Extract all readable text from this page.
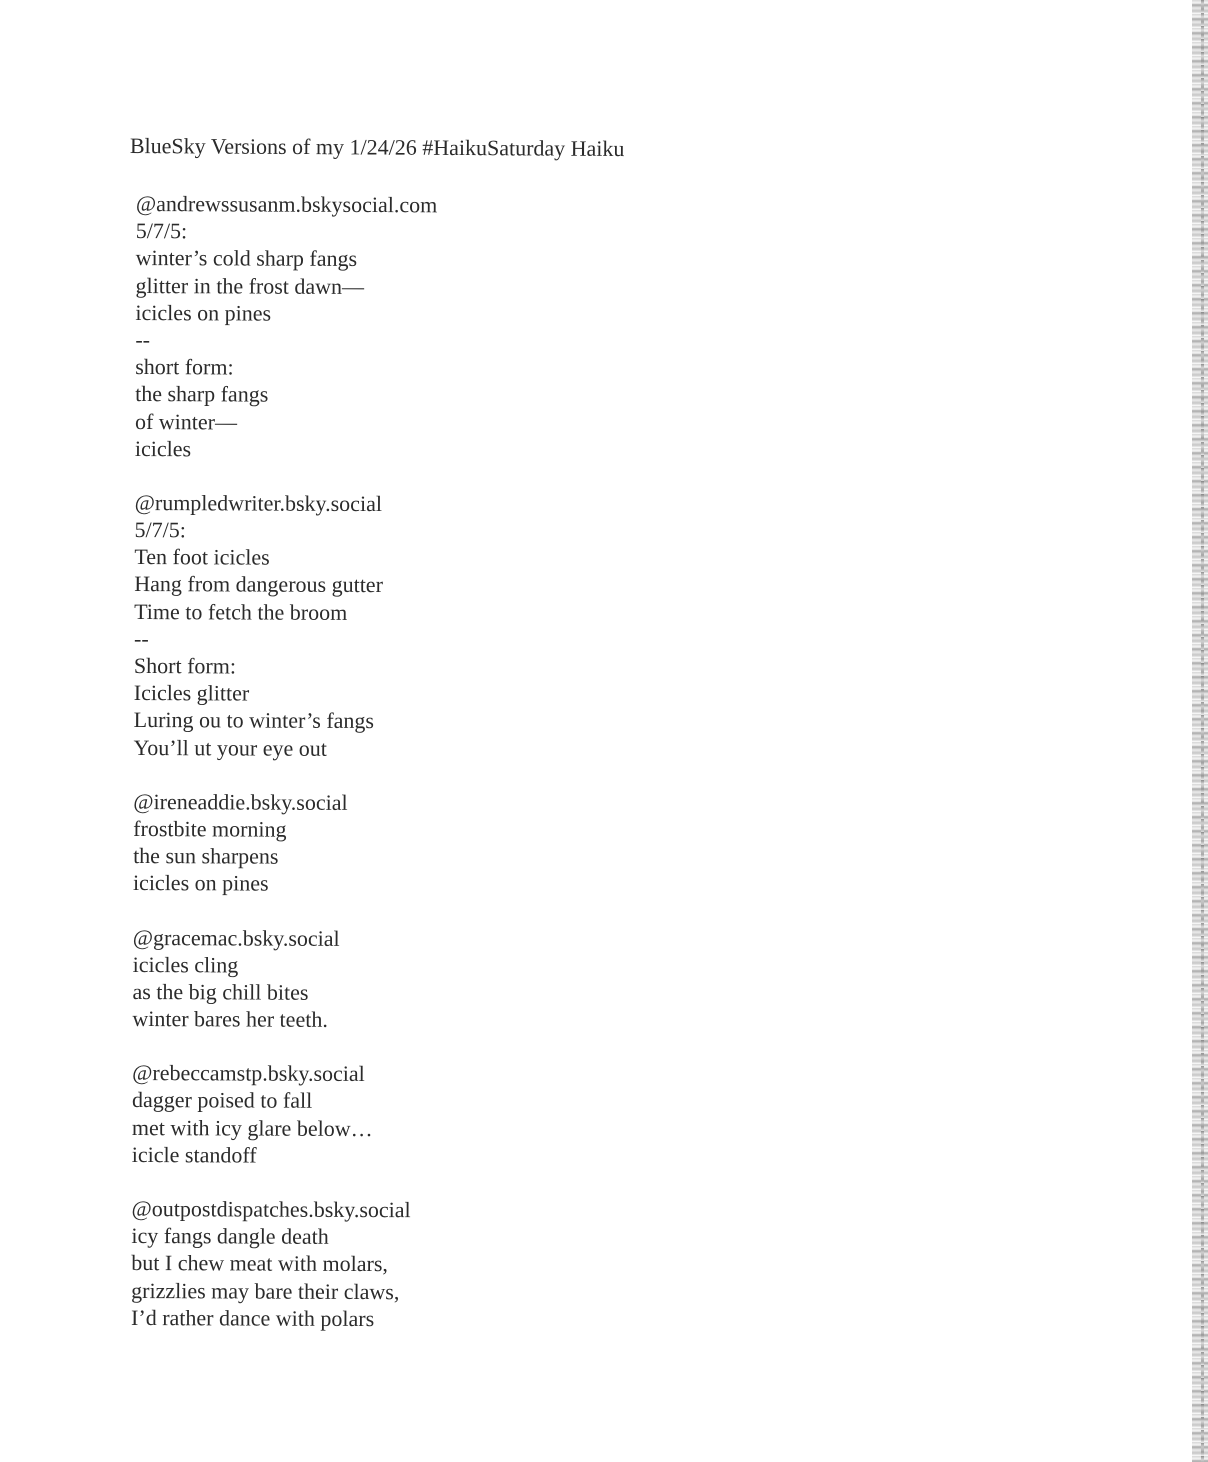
BlueSky Versions of my 1/24/26 #HaikuSaturday Haiku
@andrewssusanm.bskysocial.com
5/7/5:
winter’s cold sharp fangs
glitter in the frost dawn—
icicles on pines
--
short form:
the sharp fangs
of winter—
icicles
@rumpledwriter.bsky.social
5/7/5:
Ten foot icicles
Hang from dangerous gutter
Time to fetch the broom
--
Short form:
Icicles glitter
Luring ou to winter’s fangs
You’ll ut your eye out
@ireneaddie.bsky.social
frostbite morning
the sun sharpens
icicles on pines
@gracemac.bsky.social
icicles cling
as the big chill bites
winter bares her teeth.
@rebeccamstp.bsky.social
dagger poised to fall
met with icy glare below…
icicle standoff
@outpostdispatches.bsky.social
icy fangs dangle death
but I chew meat with molars,
grizzlies may bare their claws,
I’d rather dance with polars
